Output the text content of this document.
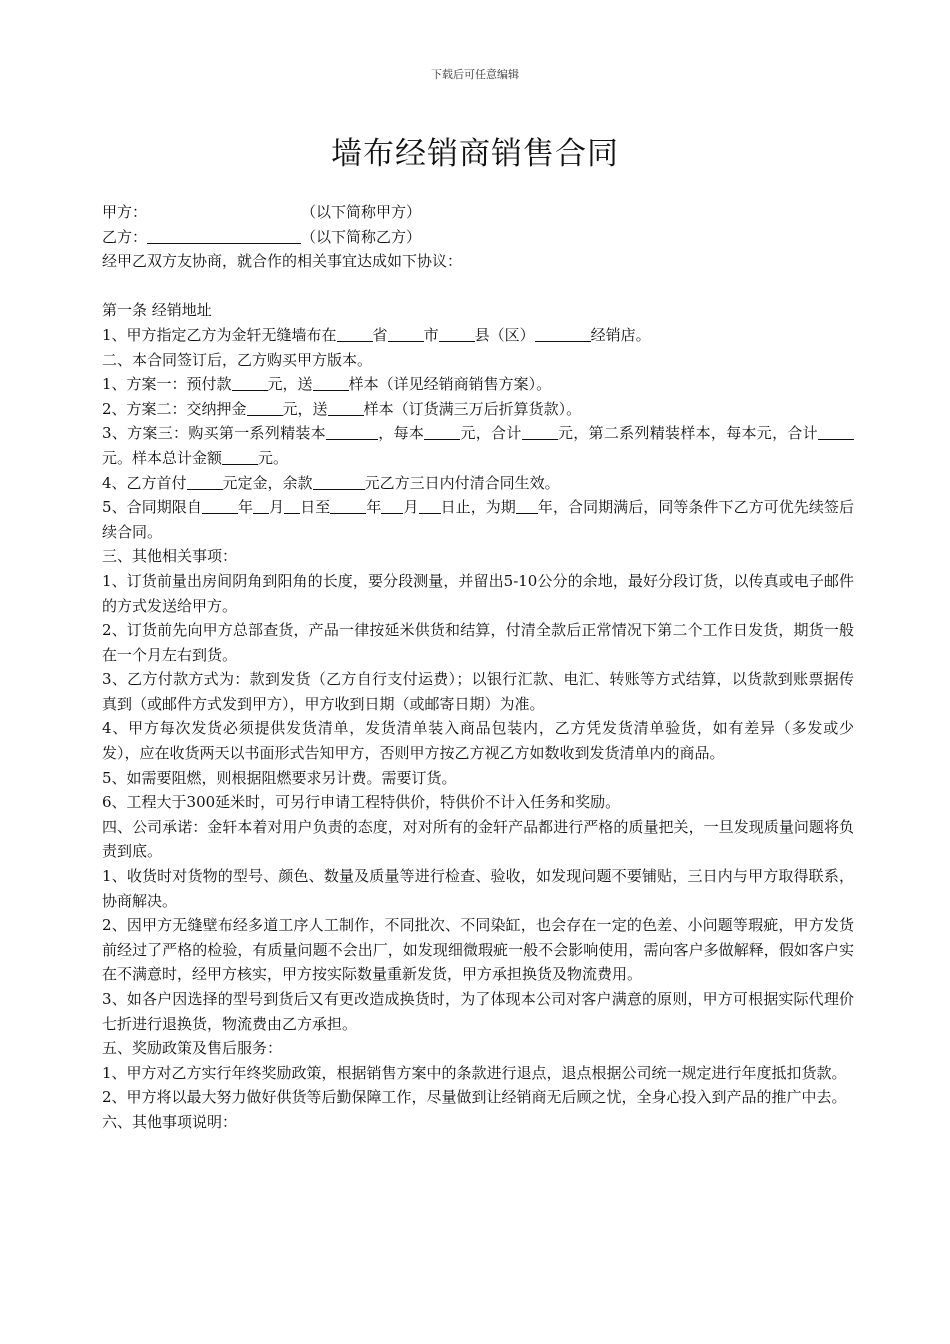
下载后可任意编辑
墙布经销商销售合同
甲方：	（以下简称甲方）
乙方：	（以下简称乙方）
经甲乙双方友协商，就合作的相关事宜达成如下协议：
第一条 经销地址
1、甲方指定乙方为金轩无缝墙布在 省 市 县（区）	经销店。
二、本合同签订后，乙方购买甲方版本。
1、方案一：预付款 元，送 样本（详见经销商销售方案）。
2、方案二：交纳押金 元，送 样本（订货满三万后折算货款）。
3、方案三：购买第一系列精装本	，每本 元，合计 元，第二系列精装样本，每本元，合计元。样本总计金额 元。
4、乙方首付 元定金，余款	元乙方三日内付清合同生效。
5、合同期限自 年 月 日至 年 月 日止，为期 年，合同期满后，同等条件下乙方可优先续签后续合同。
三、其他相关事项：
1、订货前量出房间阴角到阳角的长度，要分段测量，并留出5-10公分的余地，最好分段订货，以传真或电子邮件的方式发送给甲方。
2、订货前先向甲方总部查货，产品一律按延米供货和结算，付清全款后正常情况下第二个工作日发货，期货一般在一个月左右到货。
3、乙方付款方式为：款到发货（乙方自行支付运费）；以银行汇款、电汇、转账等方式结算，以货款到账票据传真到（或邮件方式发到甲方），甲方收到日期（或邮寄日期）为准。
4、甲方每次发货必须提供发货清单，发货清单装入商品包装内，乙方凭发货清单验货，如有差异（多发或少发），应在收货两天以书面形式告知甲方，否则甲方按乙方视乙方如数收到发货清单内的商品。
5、如需要阻燃，则根据阻燃要求另计费。需要订货。
6、工程大于300延米时，可另行申请工程特供价，特供价不计入任务和奖励。
四、公司承诺：金轩本着对用户负责的态度，对对所有的金轩产品都进行严格的质量把关，一旦发现质量问题将负责到底。
1、收货时对货物的型号、颜色、数量及质量等进行检查、验收，如发现问题不要铺贴，三日内与甲方取得联系，协商解决。
2、因甲方无缝壁布经多道工序人工制作，不同批次、不同染缸，也会存在一定的色差、小问题等瑕疵，甲方发货前经过了严格的检验，有质量问题不会出厂，如发现细微瑕疵一般不会影响使用，需向客户多做解释，假如客户实在不满意时，经甲方核实，甲方按实际数量重新发货，甲方承担换货及物流费用。
3、如各户因选择的型号到货后又有更改造成换货时，为了体现本公司对客户满意的原则，甲方可根据实际代理价七折进行退换货，物流费由乙方承担。
五、奖励政策及售后服务：
1、甲方对乙方实行年终奖励政策，根据销售方案中的条款进行退点，退点根据公司统一规定进行年度抵扣货款。
2、甲方将以最大努力做好供货等后勤保障工作，尽量做到让经销商无后顾之忧，全身心投入到产品的推广中去。
六、其他事项说明：
